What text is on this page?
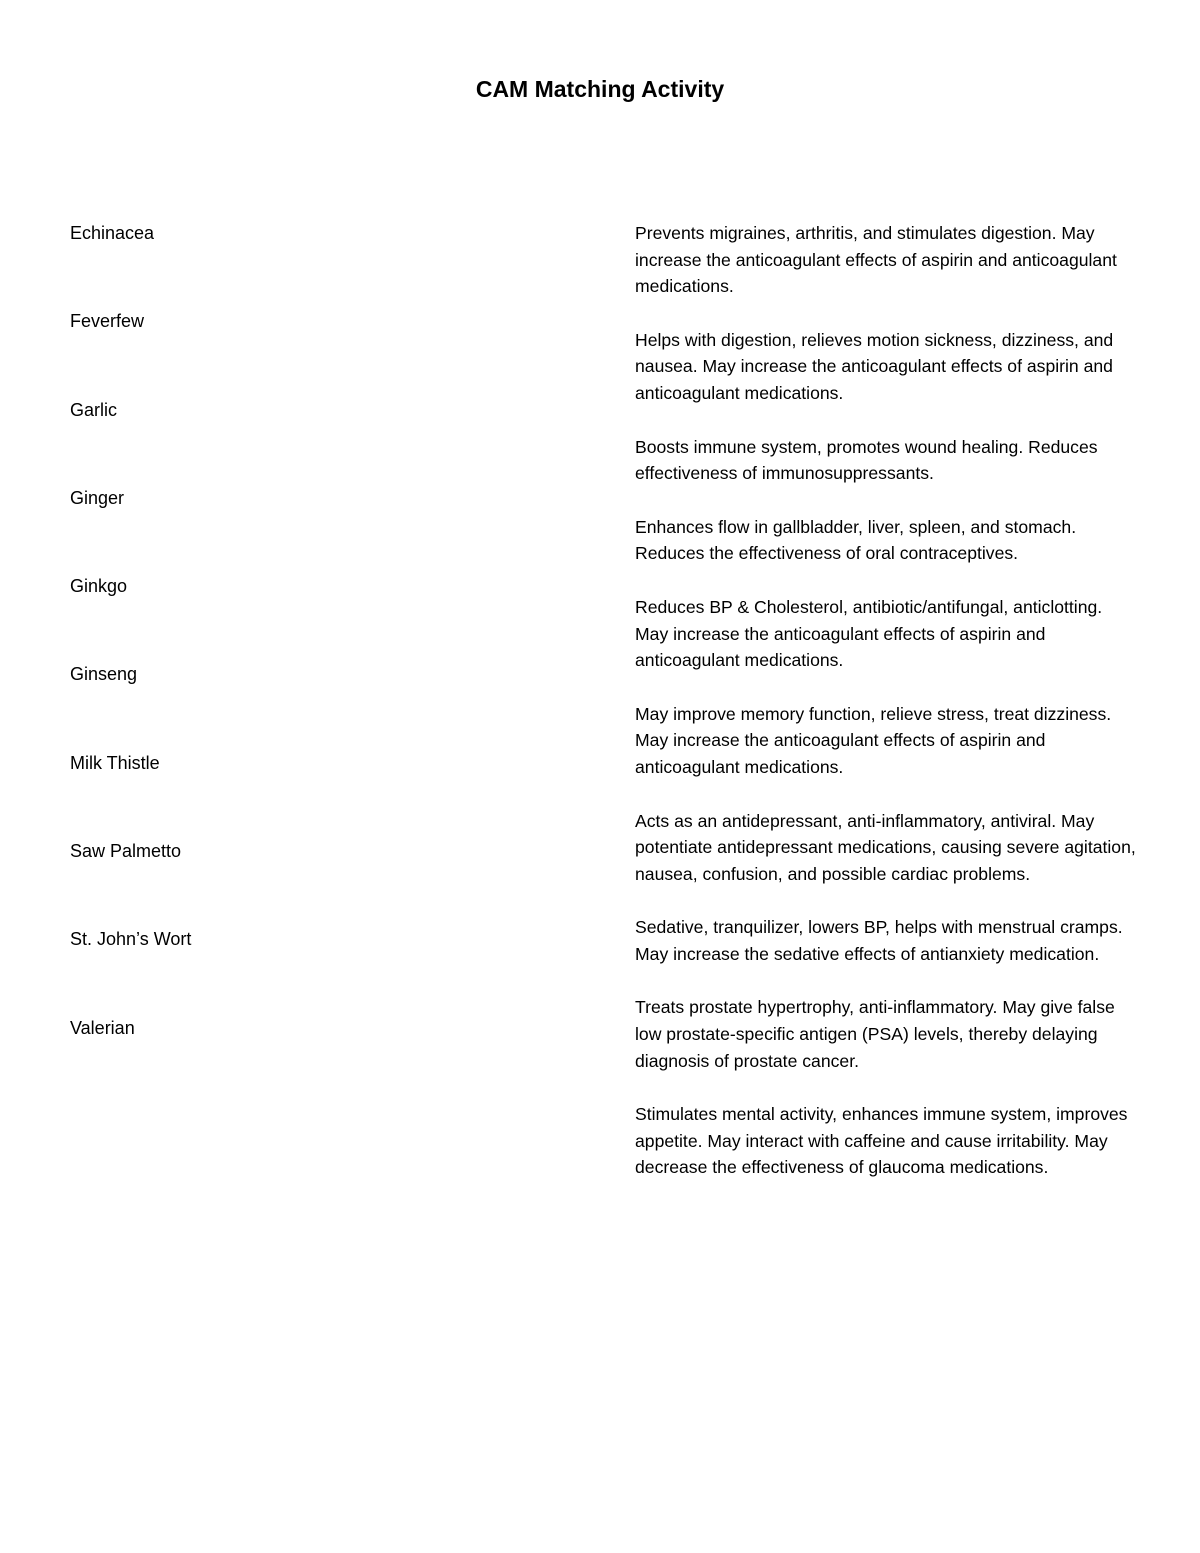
CAM Matching Activity
Echinacea
Feverfew
Garlic
Ginger
Ginkgo
Ginseng
Milk Thistle
Saw Palmetto
St. John’s Wort
Valerian
Prevents migraines, arthritis, and stimulates digestion. May increase the anticoagulant effects of aspirin and anticoagulant medications.
Helps with digestion, relieves motion sickness, dizziness, and nausea. May increase the anticoagulant effects of aspirin and anticoagulant medications.
Boosts immune system, promotes wound healing. Reduces effectiveness of immunosuppressants.
Enhances flow in gallbladder, liver, spleen, and stomach. Reduces the effectiveness of oral contraceptives.
Reduces BP & Cholesterol, antibiotic/antifungal, anticlotting. May increase the anticoagulant effects of aspirin and anticoagulant medications.
May improve memory function, relieve stress, treat dizziness. May increase the anticoagulant effects of aspirin and anticoagulant medications.
Acts as an antidepressant, anti-inflammatory, antiviral. May potentiate antidepressant medications, causing severe agitation, nausea, confusion, and possible cardiac problems.
Sedative, tranquilizer, lowers BP, helps with menstrual cramps. May increase the sedative effects of antianxiety medication.
Treats prostate hypertrophy, anti-inflammatory. May give false low prostate-specific antigen (PSA) levels, thereby delaying diagnosis of prostate cancer.
Stimulates mental activity, enhances immune system, improves appetite. May interact with caffeine and cause irritability. May decrease the effectiveness of glaucoma medications.
